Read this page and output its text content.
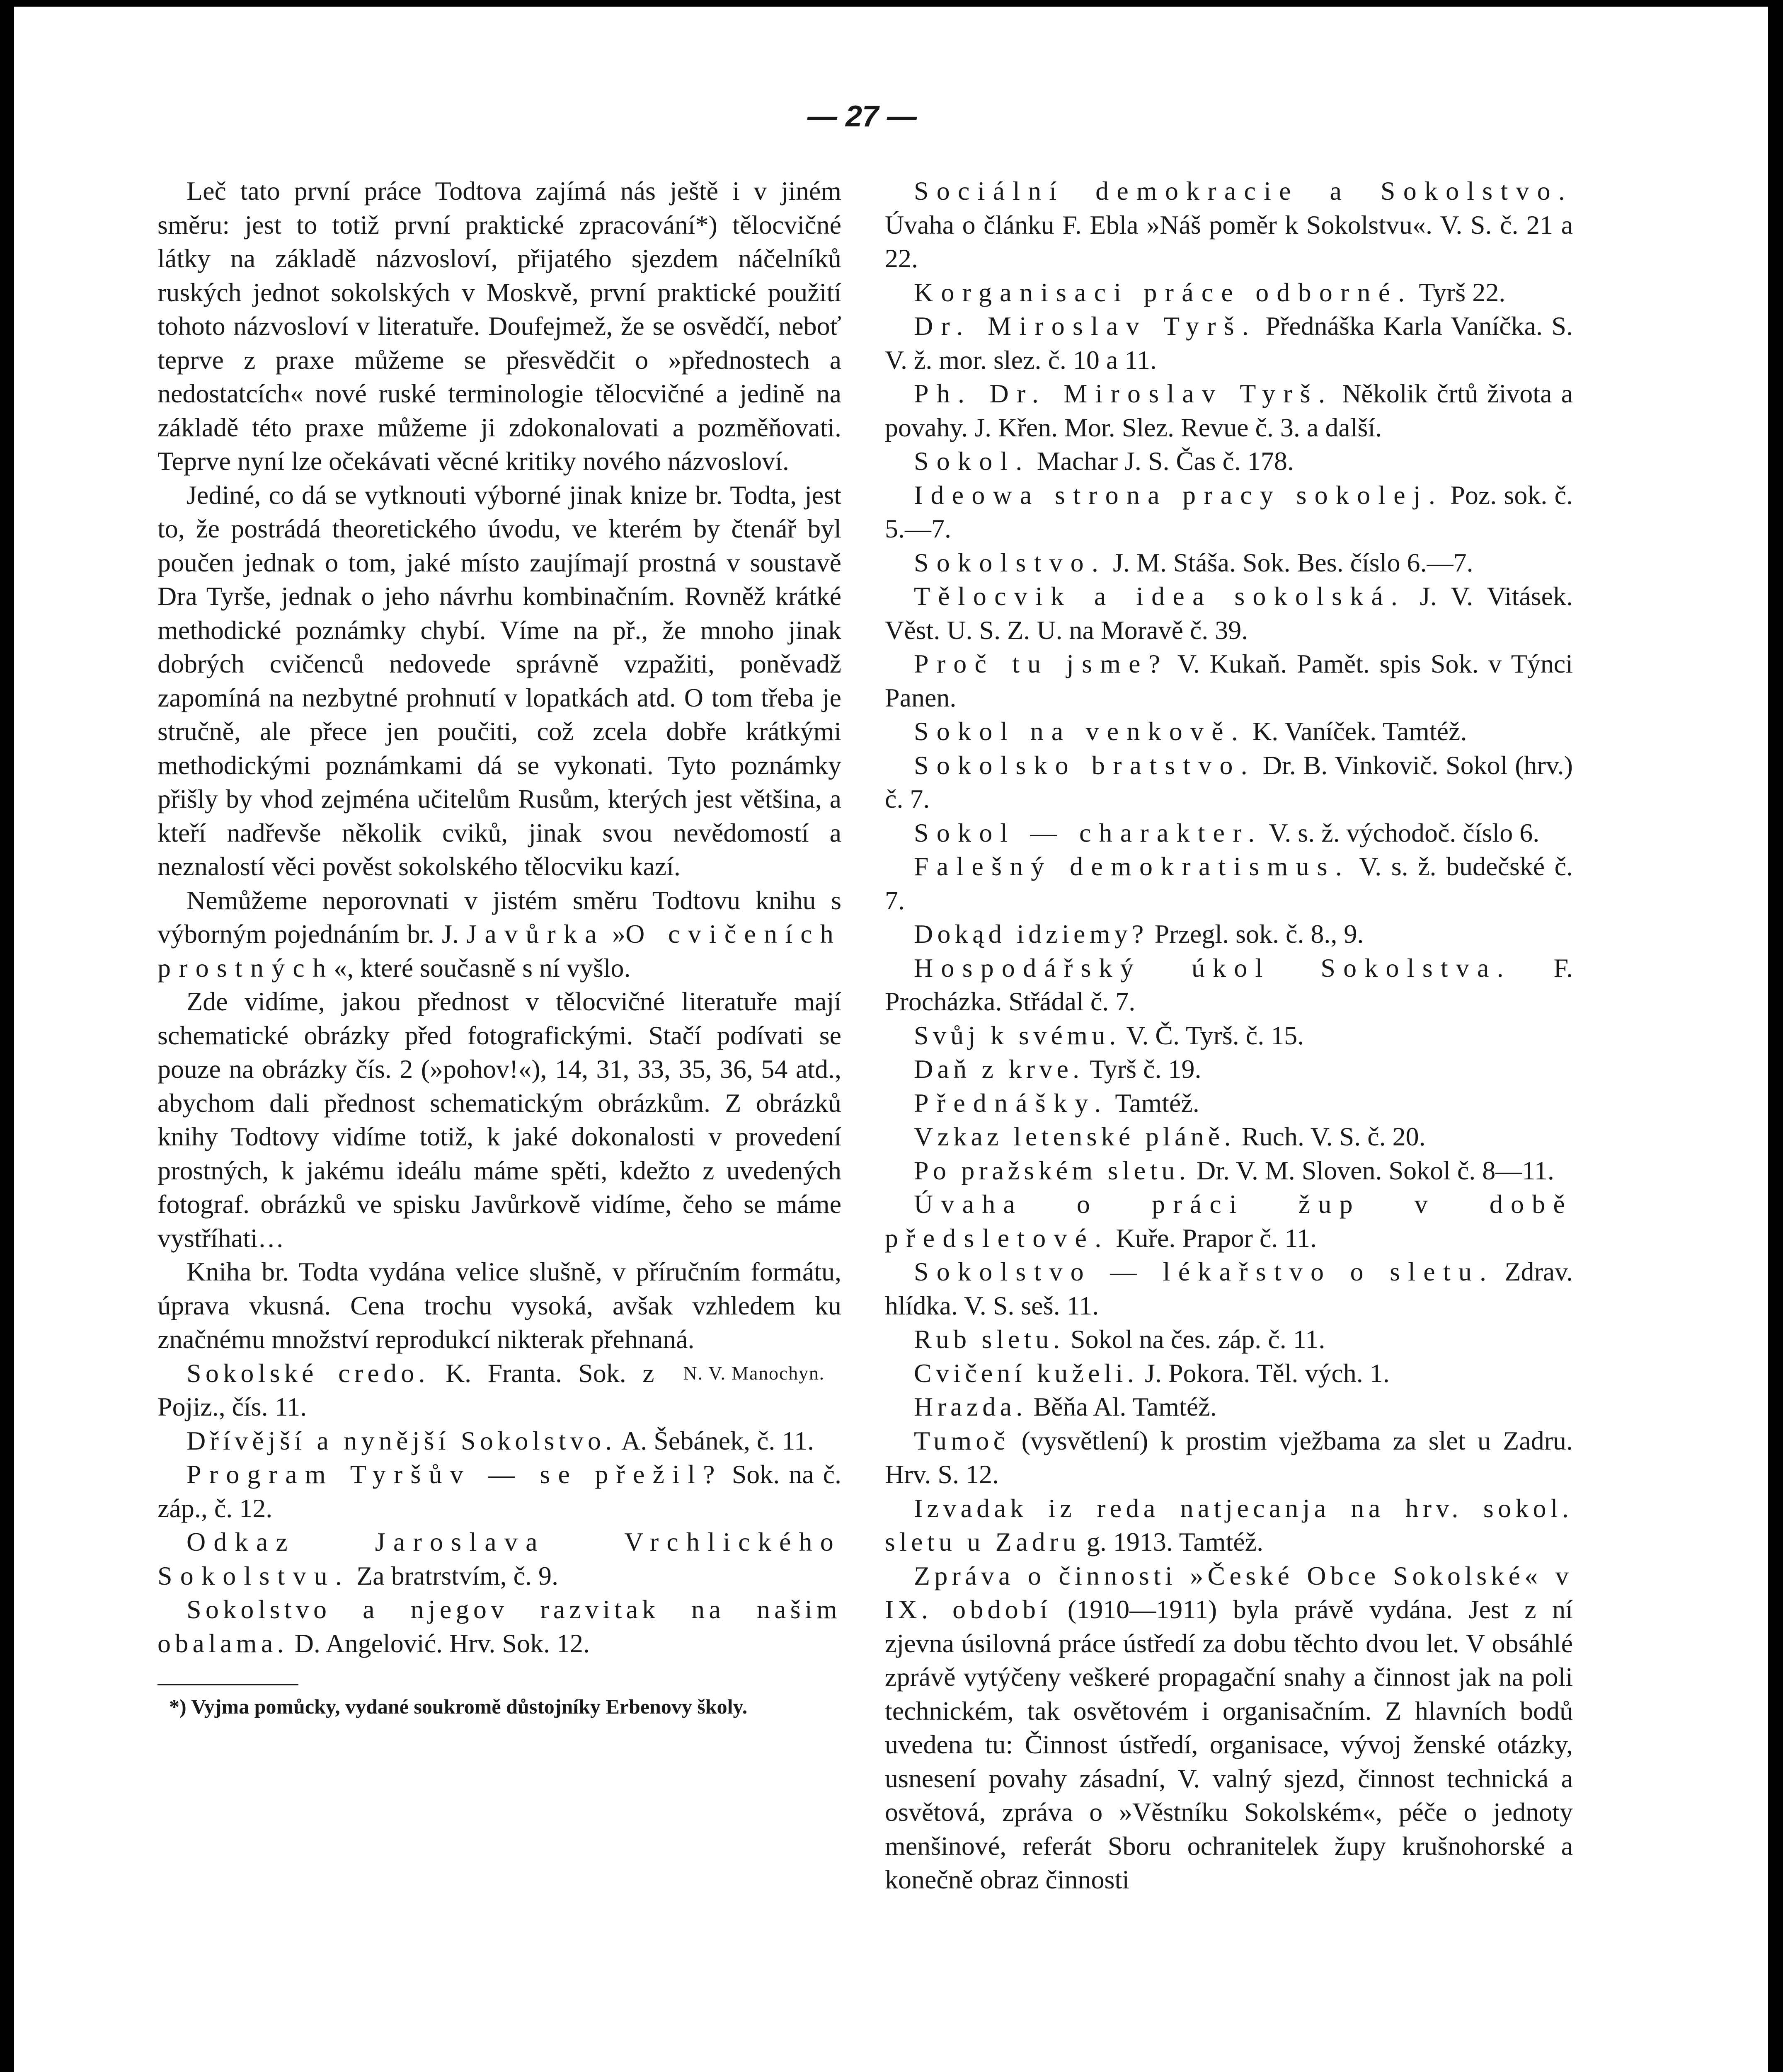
— 27 —

Leč tato první práce Todtova zajímá nás ještě i v jiném směru: jest to totiž první praktické zpracování*) tělocvičné látky na základě názvosloví, přijatého sjezdem náčelníků ruských jednot sokolských v Moskvě, první praktické použití tohoto názvosloví v literatuře. Doufejmež, že se osvědčí, neboť teprve z praxe můžeme se přesvědčit o »přednostech a nedostatcích« nové ruské terminologie tělocvičné a jedině na základě této praxe můžeme ji zdokonalovati a pozměňovati. Teprve nyní lze očekávati věcné kritiky nového názvosloví.

Jediné, co dá se vytknouti výborné jinak knize br. Todta, jest to, že postrádá theoretického úvodu, ve kterém by čtenář byl poučen jednak o tom, jaké místo zaujímají prostná v soustavě Dra Tyrše, jednak o jeho návrhu kombinačním. Rovněž krátké methodické poznámky chybí. Víme na př., že mnoho jinak dobrých cvičenců nedovede správně vzpažiti, poněvadž zapomíná na nezbytné prohnutí v lopatkách atd. O tom třeba je stručně, ale přece jen poučiti, což zcela dobře krátkými methodickými poznámkami dá se vykonati. Tyto poznámky přišly by vhod zejména učitelům Rusům, kterých jest většina, a kteří nadřevše několik cviků, jinak svou nevědomostí a neznalostí věci pověst sokolského tělocviku kazí.

Nemůžeme neporovnati v jistém směru Todtovu knihu s výborným pojednáním br. J. Javůrka »O cvičeních prostných«, které současně s ní vyšlo.

Zde vidíme, jakou přednost v tělocvičné literatuře mají schematické obrázky před fotografickými. Stačí podívati se pouze na obrázky čís. 2 (»pohov!«), 14, 31, 33, 35, 36, 54 atd., abychom dali přednost schematickým obrázkům. Z obrázků knihy Todtovy vidíme totiž, k jaké dokonalosti v provedení prostných, k jakému ideálu máme spěti, kdežto z uvedených fotograf. obrázků ve spisku Javůrkově vidíme, čeho se máme vystříhati…

Kniha br. Todta vydána velice slušně, v příručním formátu, úprava vkusná. Cena trochu vysoká, avšak vzhledem ku značnému množství reprodukcí nikterak přehnaná.
N. V. Manochyn.

Sokolské credo. K. Franta. Sok. z Pojiz., čís. 11.

Dřívější a nynější Sokolstvo. A. Šebánek, č. 11.

Program Tyršův — se přežil? Sok. na č. záp., č. 12.

Odkaz Jaroslava Vrchlického Sokolstvu. Za bratrstvím, č. 9.

Sokolstvo a njegov razvitak na našim obalama. D. Angelović. Hrv. Sok. 12.

*) Vyjma pomůcky, vydané soukromě důstojníky Erbenovy školy.

Sociální demokracie a Sokolstvo. Úvaha o článku F. Ebla »Náš poměr k Sokolstvu«. V. S. č. 21 a 22.

Korganisaci práce odborné. Tyrš 22.

Dr. Miroslav Tyrš. Přednáška Karla Vaníčka. S. V. ž. mor. slez. č. 10 a 11.

Ph. Dr. Miroslav Tyrš. Několik črtů života a povahy. J. Křen. Mor. Slez. Revue č. 3. a další.

Sokol. Machar J. S. Čas č. 178.

Ideowa strona pracy sokolej. Poz. sok. č. 5.—7.

Sokolstvo. J. M. Stáša. Sok. Bes. číslo 6.—7.

Tělocvik a idea sokolská. J. V. Vitásek. Věst. U. S. Z. U. na Moravě č. 39.

Proč tu jsme? V. Kukaň. Pamět. spis Sok. v Týnci Panen.

Sokol na venkově. K. Vaníček. Tamtéž.

Sokolsko bratstvo. Dr. B. Vinkovič. Sokol (hrv.) č. 7.

Sokol — charakter. V. s. ž. východoč. číslo 6.

Falešný demokratismus. V. s. ž. budečské č. 7.

Dokąd idziemy? Przegl. sok. č. 8., 9.

Hospodářský úkol Sokolstva. F. Procházka. Střádal č. 7.

Svůj k svému. V. Č. Tyrš. č. 15.

Daň z krve. Tyrš č. 19.

Přednášky. Tamtéž.

Vzkaz letenské pláně. Ruch. V. S. č. 20.

Po pražském sletu. Dr. V. M. Sloven. Sokol č. 8—11.

Úvaha o práci žup v době předsletové. Kuře. Prapor č. 11.

Sokolstvo — lékařstvo o sletu. Zdrav. hlídka. V. S. seš. 11.

Rub sletu. Sokol na čes. záp. č. 11.

Cvičení kuželi. J. Pokora. Těl. vých. 1.

Hrazda. Běňa Al. Tamtéž.

Tumoč (vysvětlení) k prostim vježbama za slet u Zadru. Hrv. S. 12.

Izvadak iz reda natjecanja na hrv. sokol. sletu u Zadru g. 1913. Tamtéž.

Zpráva o činnosti »České Obce Sokolské« v IX. období (1910—1911) byla právě vydána. Jest z ní zjevna úsilovná práce ústředí za dobu těchto dvou let. V obsáhlé zprávě vytýčeny veškeré propagační snahy a činnost jak na poli technickém, tak osvětovém i organisačním. Z hlavních bodů uvedena tu: Činnost ústředí, organisace, vývoj ženské otázky, usnesení povahy zásadní, V. valný sjezd, činnost technická a osvětová, zpráva o »Věstníku Sokolském«, péče o jednoty menšinové, referát Sboru ochranitelek župy krušnohorské a konečně obraz činnosti
